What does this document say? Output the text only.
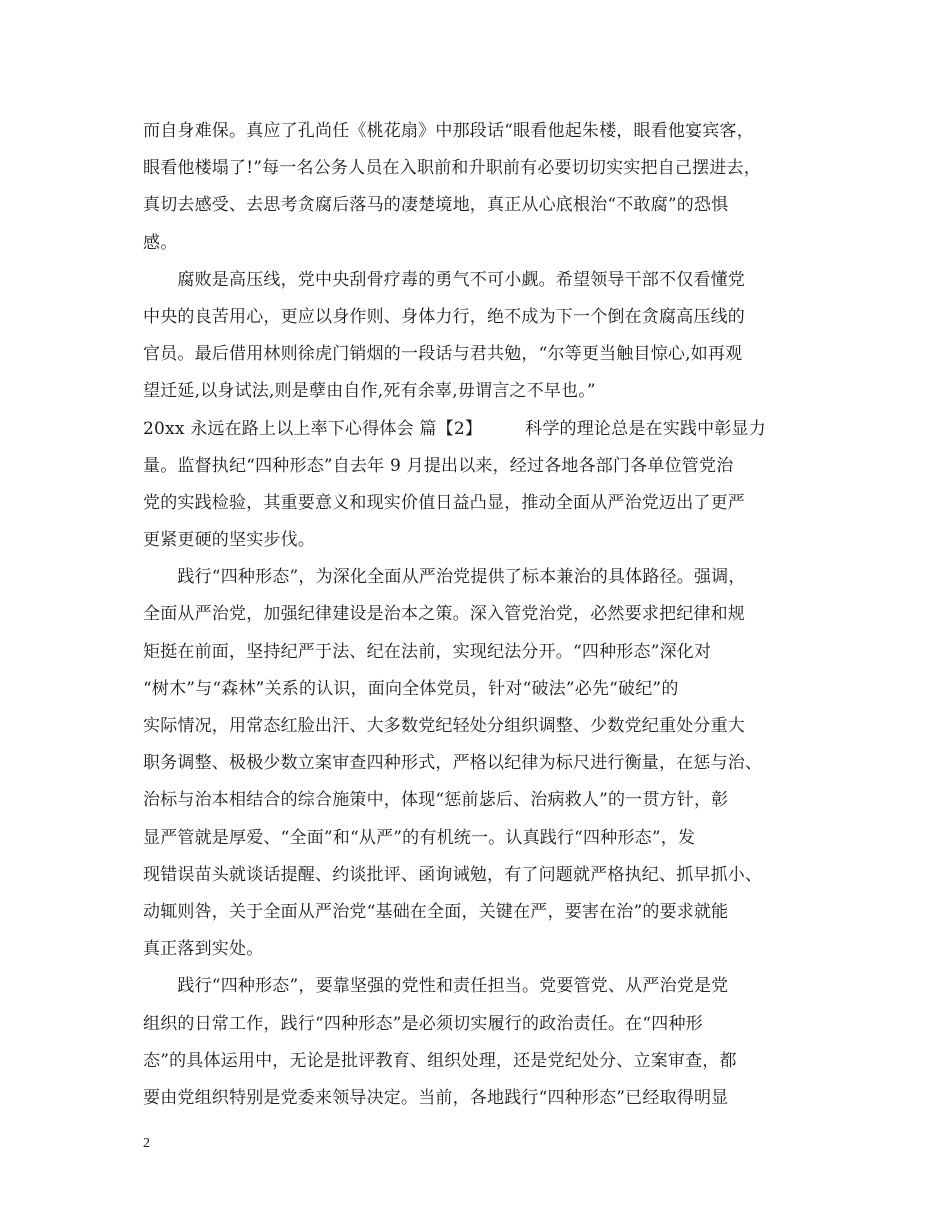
而自身难保。真应了孔尚任《桃花扇》中那段话“眼看他起朱楼，眼看他宴宾客，
眼看他楼塌了!”每一名公务人员在入职前和升职前有必要切切实实把自己摆进去，
真切去感受、去思考贪腐后落马的凄楚境地，真正从心底根治“不敢腐”的恐惧
感。
　　腐败是高压线，党中央刮骨疗毒的勇气不可小觑。希望领导干部不仅看懂党
中央的良苦用心，更应以身作则、身体力行，绝不成为下一个倒在贪腐高压线的
官员。最后借用林则徐虎门销烟的一段话与君共勉，“尔等更当触目惊心,如再观
望迁延,以身试法,则是孽由自作,死有余辜,毋谓言之不早也。”
20xx 永远在路上以上率下心得体会 篇【2】　　　科学的理论总是在实践中彰显力
量。监督执纪“四种形态”自去年 9 月提出以来，经过各地各部门各单位管党治
党的实践检验，其重要意义和现实价值日益凸显，推动全面从严治党迈出了更严
更紧更硬的坚实步伐。
　　践行“四种形态”，为深化全面从严治党提供了标本兼治的具体路径。强调，
全面从严治党，加强纪律建设是治本之策。深入管党治党，必然要求把纪律和规
矩挺在前面，坚持纪严于法、纪在法前，实现纪法分开。“四种形态”深化对
“树木”与“森林”关系的认识，面向全体党员，针对“破法”必先“破纪”的
实际情况，用常态红脸出汗、大多数党纪轻处分组织调整、少数党纪重处分重大
职务调整、极极少数立案审查四种形式，严格以纪律为标尺进行衡量，在惩与治、
治标与治本相结合的综合施策中，体现“惩前毖后、治病救人”的一贯方针，彰
显严管就是厚爱、“全面”和“从严”的有机统一。认真践行“四种形态”，发
现错误苗头就谈话提醒、约谈批评、函询诫勉，有了问题就严格执纪、抓早抓小、
动辄则咎，关于全面从严治党“基础在全面，关键在严，要害在治”的要求就能
真正落到实处。
　　践行“四种形态”，要靠坚强的党性和责任担当。党要管党、从严治党是党
组织的日常工作，践行“四种形态”是必须切实履行的政治责任。在“四种形
态”的具体运用中，无论是批评教育、组织处理，还是党纪处分、立案审查，都
要由党组织特别是党委来领导决定。当前，各地践行“四种形态”已经取得明显
2
